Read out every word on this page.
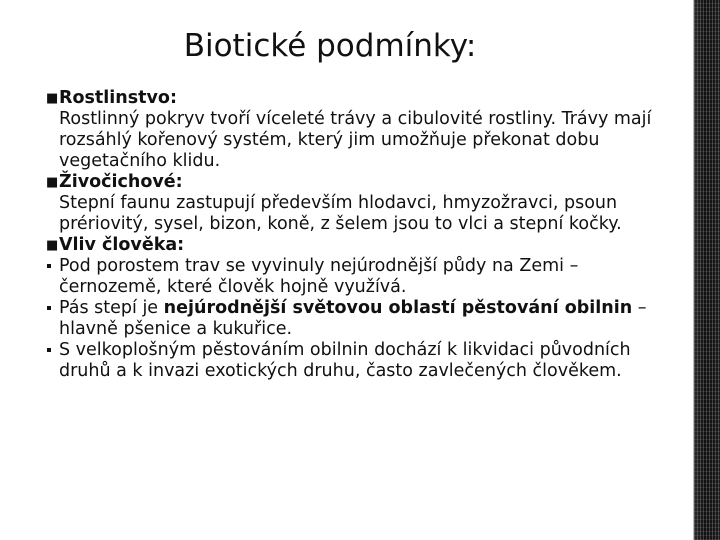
Biotické podmínky:
■ Rostlinstvo:
Rostlinný pokryv tvoří víceleté trávy a cibulovité rostliny. Trávy mají rozsáhlý kořenový systém, který jim umožňuje překonat dobu vegetačního klidu.
■ Živočichové:
Stepní faunu zastupují především hlodavci, hmyzožravci, psoun prériovitý, sysel, bizon, koně, z šelem jsou to vlci a stepní kočky.
■ Vliv člověka:
Pod porostem trav se vyvinuly nejúrodnější půdy na Zemi – černozemě, které člověk hojně využívá.
Pás stepí je nejúrodnější světovou oblastí pěstování obilnin – hlavně pšenice a kukuřice.
S velkoplošným pěstováním obilnin dochází k likvidaci původních druhů a k invazi exotických druhu, často zavlečených člověkem.
